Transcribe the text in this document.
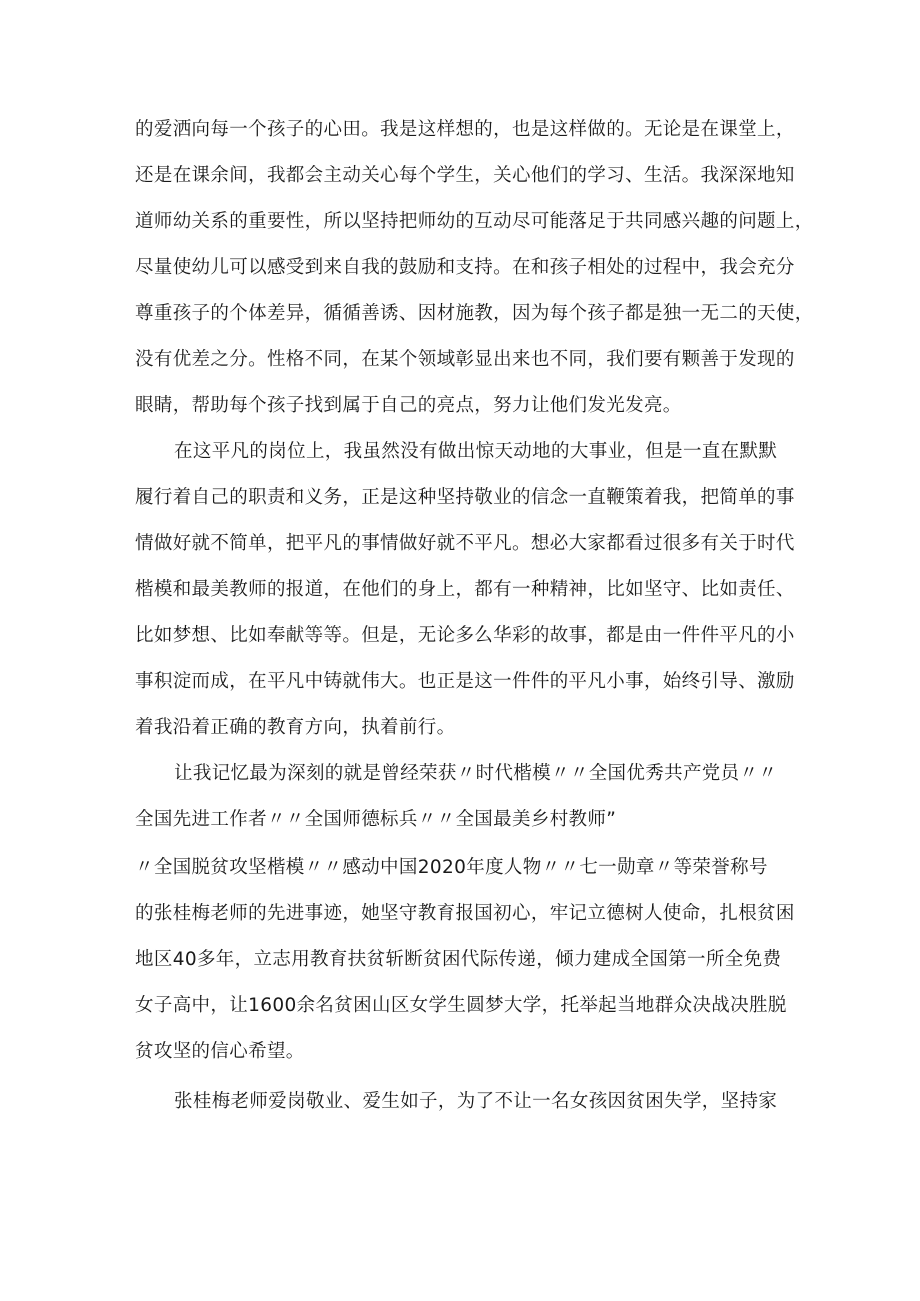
的爱洒向每一个孩子的心田。我是这样想的，也是这样做的。无论是在课堂上，
还是在课余间，我都会主动关心每个学生，关心他们的学习、生活。我深深地知
道师幼关系的重要性，所以坚持把师幼的互动尽可能落足于共同感兴趣的问题上，
尽量使幼儿可以感受到来自我的鼓励和支持。在和孩子相处的过程中，我会充分
尊重孩子的个体差异，循循善诱、因材施教，因为每个孩子都是独一无二的天使，
没有优差之分。性格不同，在某个领域彰显出来也不同，我们要有颗善于发现的
眼睛，帮助每个孩子找到属于自己的亮点，努力让他们发光发亮。
在这平凡的岗位上，我虽然没有做出惊天动地的大事业，但是一直在默默
履行着自己的职责和义务，正是这种坚持敬业的信念一直鞭策着我，把简单的事
情做好就不简单，把平凡的事情做好就不平凡。想必大家都看过很多有关于时代
楷模和最美教师的报道，在他们的身上，都有一种精神，比如坚守、比如责任、
比如梦想、比如奉献等等。但是，无论多么华彩的故事，都是由一件件平凡的小
事积淀而成，在平凡中铸就伟大。也正是这一件件的平凡小事，始终引导、激励
着我沿着正确的教育方向，执着前行。
让我记忆最为深刻的就是曾经荣获〃时代楷模〃〃全国优秀共产党员〃〃
全国先进工作者〃〃全国师德标兵〃〃全国最美乡村教师”
〃全国脱贫攻坚楷模〃〃感动中国2020年度人物〃〃七一勋章〃等荣誉称号
的张桂梅老师的先进事迹，她坚守教育报国初心，牢记立德树人使命，扎根贫困
地区40多年，立志用教育扶贫斩断贫困代际传递，倾力建成全国第一所全免费
女子高中，让1600余名贫困山区女学生圆梦大学，托举起当地群众决战决胜脱
贫攻坚的信心希望。
张桂梅老师爱岗敬业、爱生如子，为了不让一名女孩因贫困失学，坚持家
